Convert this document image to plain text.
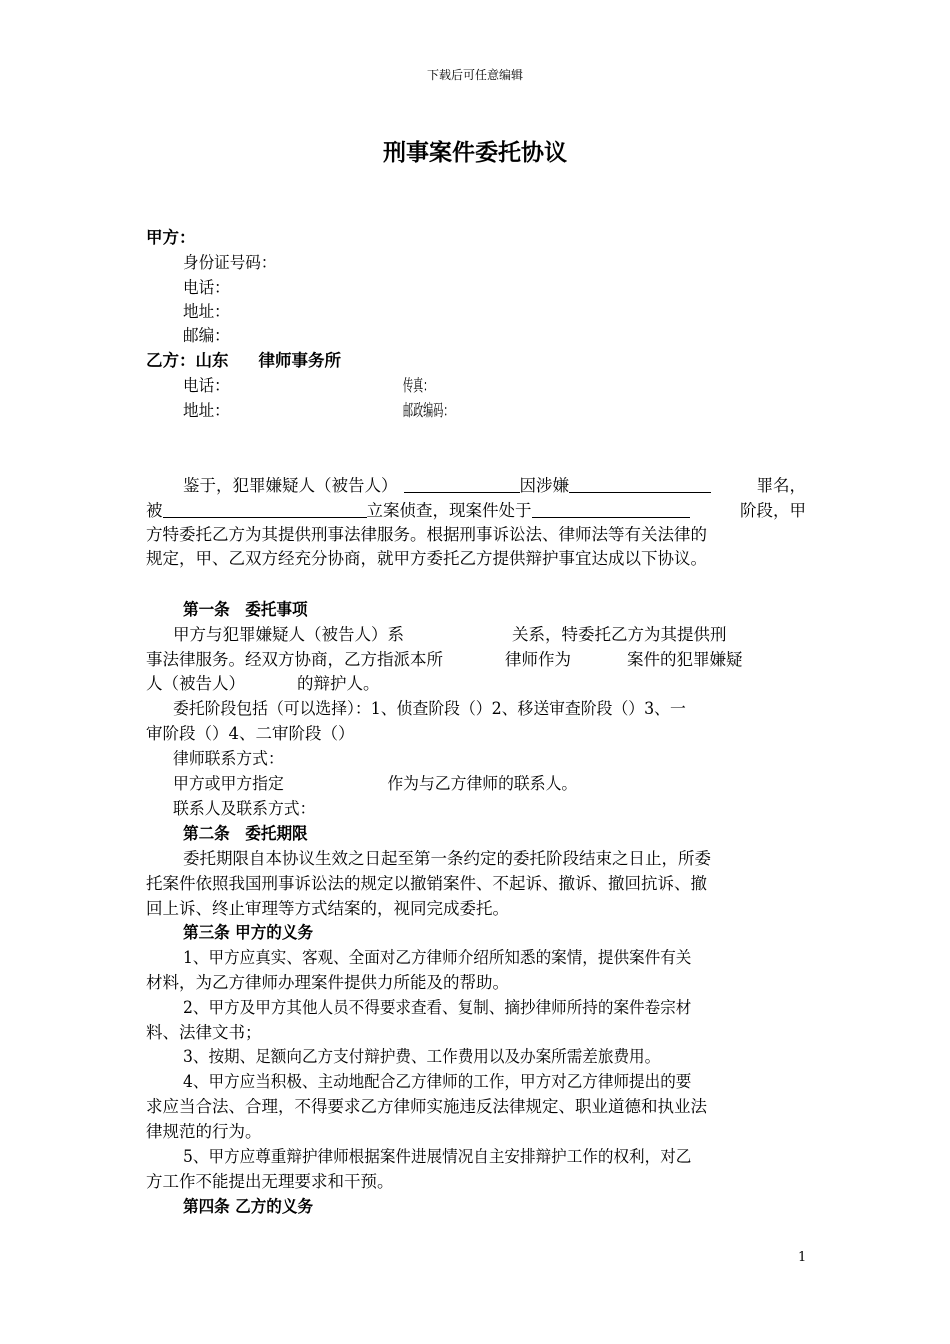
下载后可任意编辑
刑事案件委托协议
甲方：
身份证号码：
电话：
地址：
邮编：
乙方：山东 律师事务所
电话：	传真：
地址：	邮政编码：
鉴于，犯罪嫌疑人（被告人）	因涉嫌	罪名，
被	立案侦查，现案件处于	阶段，甲
方特委托乙方为其提供刑事法律服务。根据刑事诉讼法、律师法等有关法律的
规定，甲、乙双方经充分协商，就甲方委托乙方提供辩护事宜达成以下协议。
第一条　委托事项
甲方与犯罪嫌疑人（被告人）系	关系，特委托乙方为其提供刑
事法律服务。经双方协商，乙方指派本所	律师作为	案件的犯罪嫌疑
人（被告人）	的辩护人。
委托阶段包括（可以选择）：1、侦查阶段（）2、移送审查阶段（）3、一
审阶段（）4、二审阶段（）
律师联系方式：
甲方或甲方指定	作为与乙方律师的联系人。
联系人及联系方式：
第二条　委托期限
委托期限自本协议生效之日起至第一条约定的委托阶段结束之日止，所委
托案件依照我国刑事诉讼法的规定以撤销案件、不起诉、撤诉、撤回抗诉、撤
回上诉、终止审理等方式结案的，视同完成委托。
第三条 甲方的义务
1、甲方应真实、客观、全面对乙方律师介绍所知悉的案情，提供案件有关
材料，为乙方律师办理案件提供力所能及的帮助。
2、甲方及甲方其他人员不得要求查看、复制、摘抄律师所持的案件卷宗材
料、法律文书；
3、按期、足额向乙方支付辩护费、工作费用以及办案所需差旅费用。
4、甲方应当积极、主动地配合乙方律师的工作，甲方对乙方律师提出的要
求应当合法、合理，不得要求乙方律师实施违反法律规定、职业道德和执业法
律规范的行为。
5、甲方应尊重辩护律师根据案件进展情况自主安排辩护工作的权利，对乙
方工作不能提出无理要求和干预。
第四条 乙方的义务
1
